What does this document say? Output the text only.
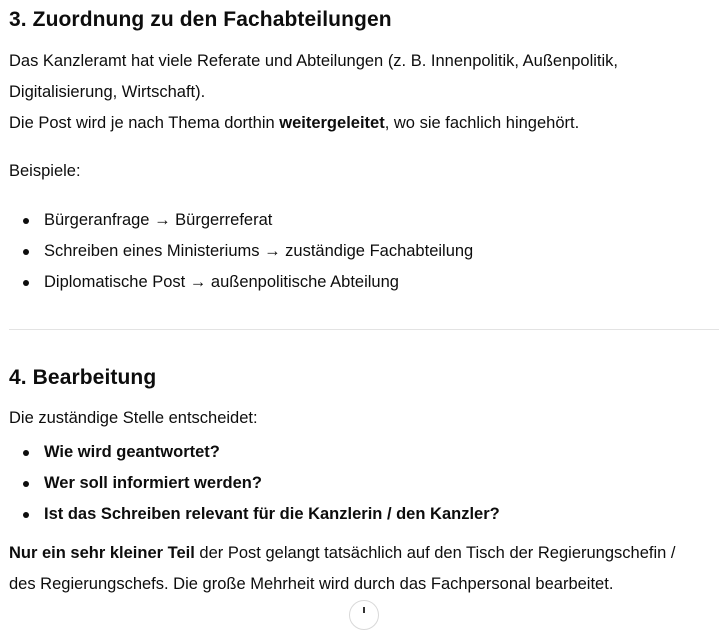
3. Zuordnung zu den Fachabteilungen

Das Kanzleramt hat viele Referate und Abteilungen (z. B. Innenpolitik, Außenpolitik,
Digitalisierung, Wirtschaft).
Die Post wird je nach Thema dorthin weitergeleitet, wo sie fachlich hingehört.

Beispiele:

Bürgeranfrage → Bürgerreferat
Schreiben eines Ministeriums → zuständige Fachabteilung
Diplomatische Post → außenpolitische Abteilung
4. Bearbeitung

Die zuständige Stelle entscheidet:

Wie wird geantwortet?
Wer soll informiert werden?
Ist das Schreiben relevant für die Kanzlerin / den Kanzler?

Nur ein sehr kleiner Teil der Post gelangt tatsächlich auf den Tisch der Regierungschefin /
des Regierungschefs. Die große Mehrheit wird durch das Fachpersonal bearbeitet.
